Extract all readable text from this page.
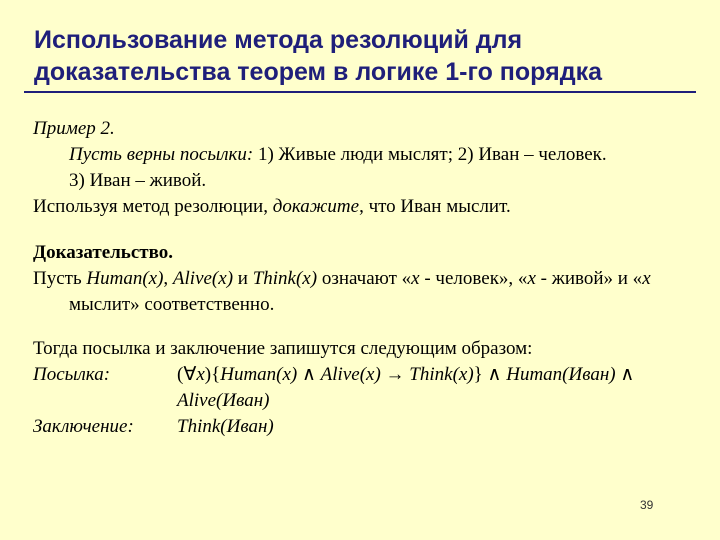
Использование метода резолюций для
доказательства теорем в логике 1-го порядка
Пример 2.
Пусть верны посылки: 1) Живые люди мыслят; 2) Иван – человек.
3) Иван – живой.
Используя метод резолюции, докажите, что Иван мыслит.
Доказательство.
Пусть Human(x), Alive(x) и Think(x) означают «x - человек», «x - живой» и «x мыслит» соответственно.
Тогда посылка и заключение запишутся следующим образом:
Посылка:	(∀x){Human(x) ∧ Alive(x) → Think(x)} ∧ Human(Иван) ∧
Alive(Иван)
Заключение:	Think(Иван)
39
